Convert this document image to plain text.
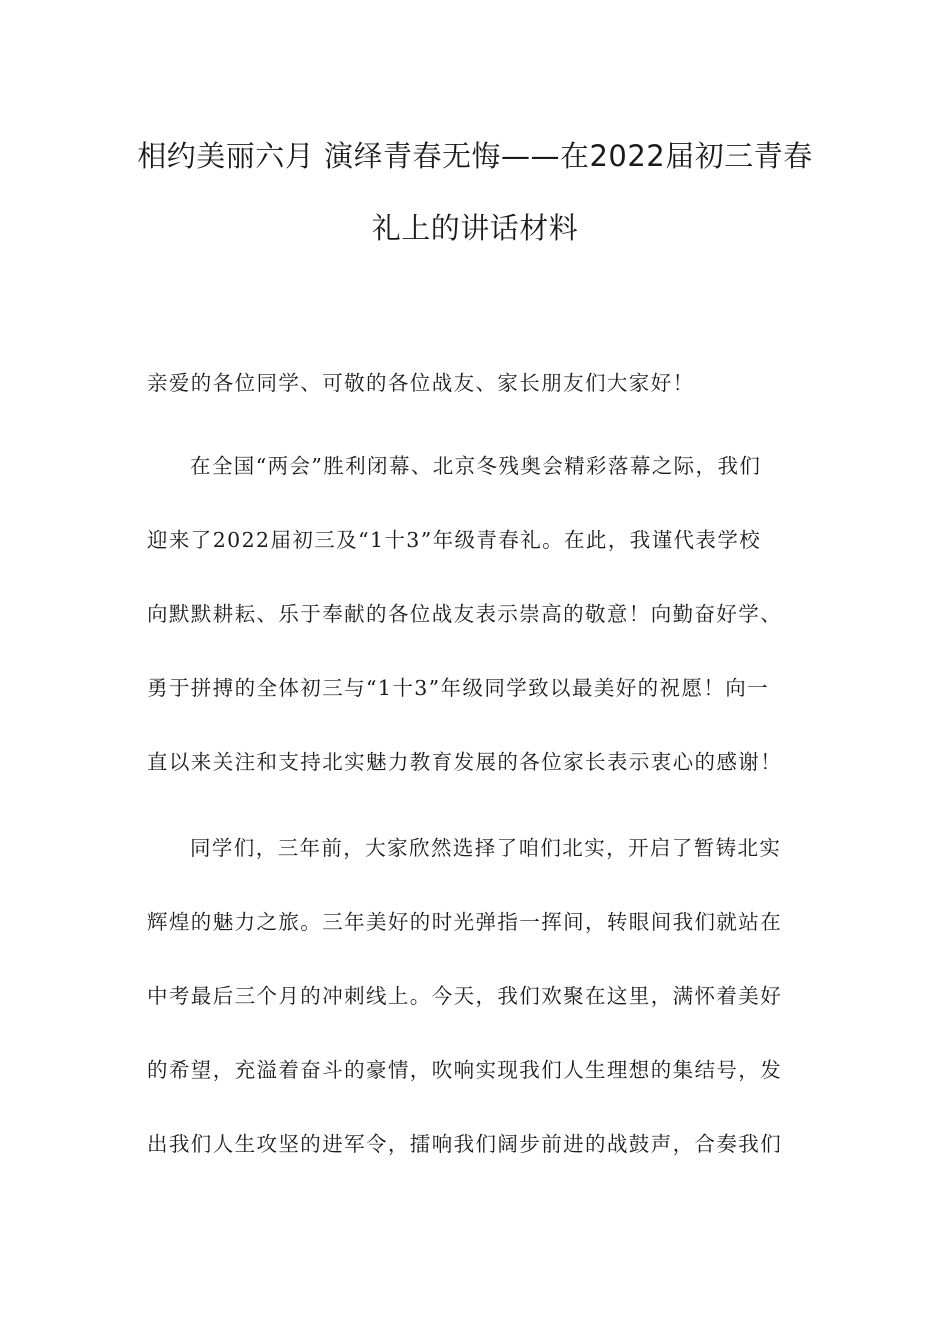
相约美丽六月 演绎青春无悔——在2022届初三青春
礼上的讲话材料
亲爱的各位同学、可敬的各位战友、家长朋友们大家好！
在全国“两会”胜利闭幕、北京冬残奥会精彩落幕之际，我们
迎来了2022届初三及“1十3”年级青春礼。在此，我谨代表学校
向默默耕耘、乐于奉献的各位战友表示崇高的敬意！向勤奋好学、
勇于拼搏的全体初三与“1十3”年级同学致以最美好的祝愿！向一
直以来关注和支持北实魅力教育发展的各位家长表示衷心的感谢！
同学们，三年前，大家欣然选择了咱们北实，开启了暂铸北实
辉煌的魅力之旅。三年美好的时光弹指一挥间，转眼间我们就站在
中考最后三个月的冲刺线上。今天，我们欢聚在这里，满怀着美好
的希望，充溢着奋斗的豪情，吹响实现我们人生理想的集结号，发
出我们人生攻坚的进军令，擂响我们阔步前进的战鼓声，合奏我们
